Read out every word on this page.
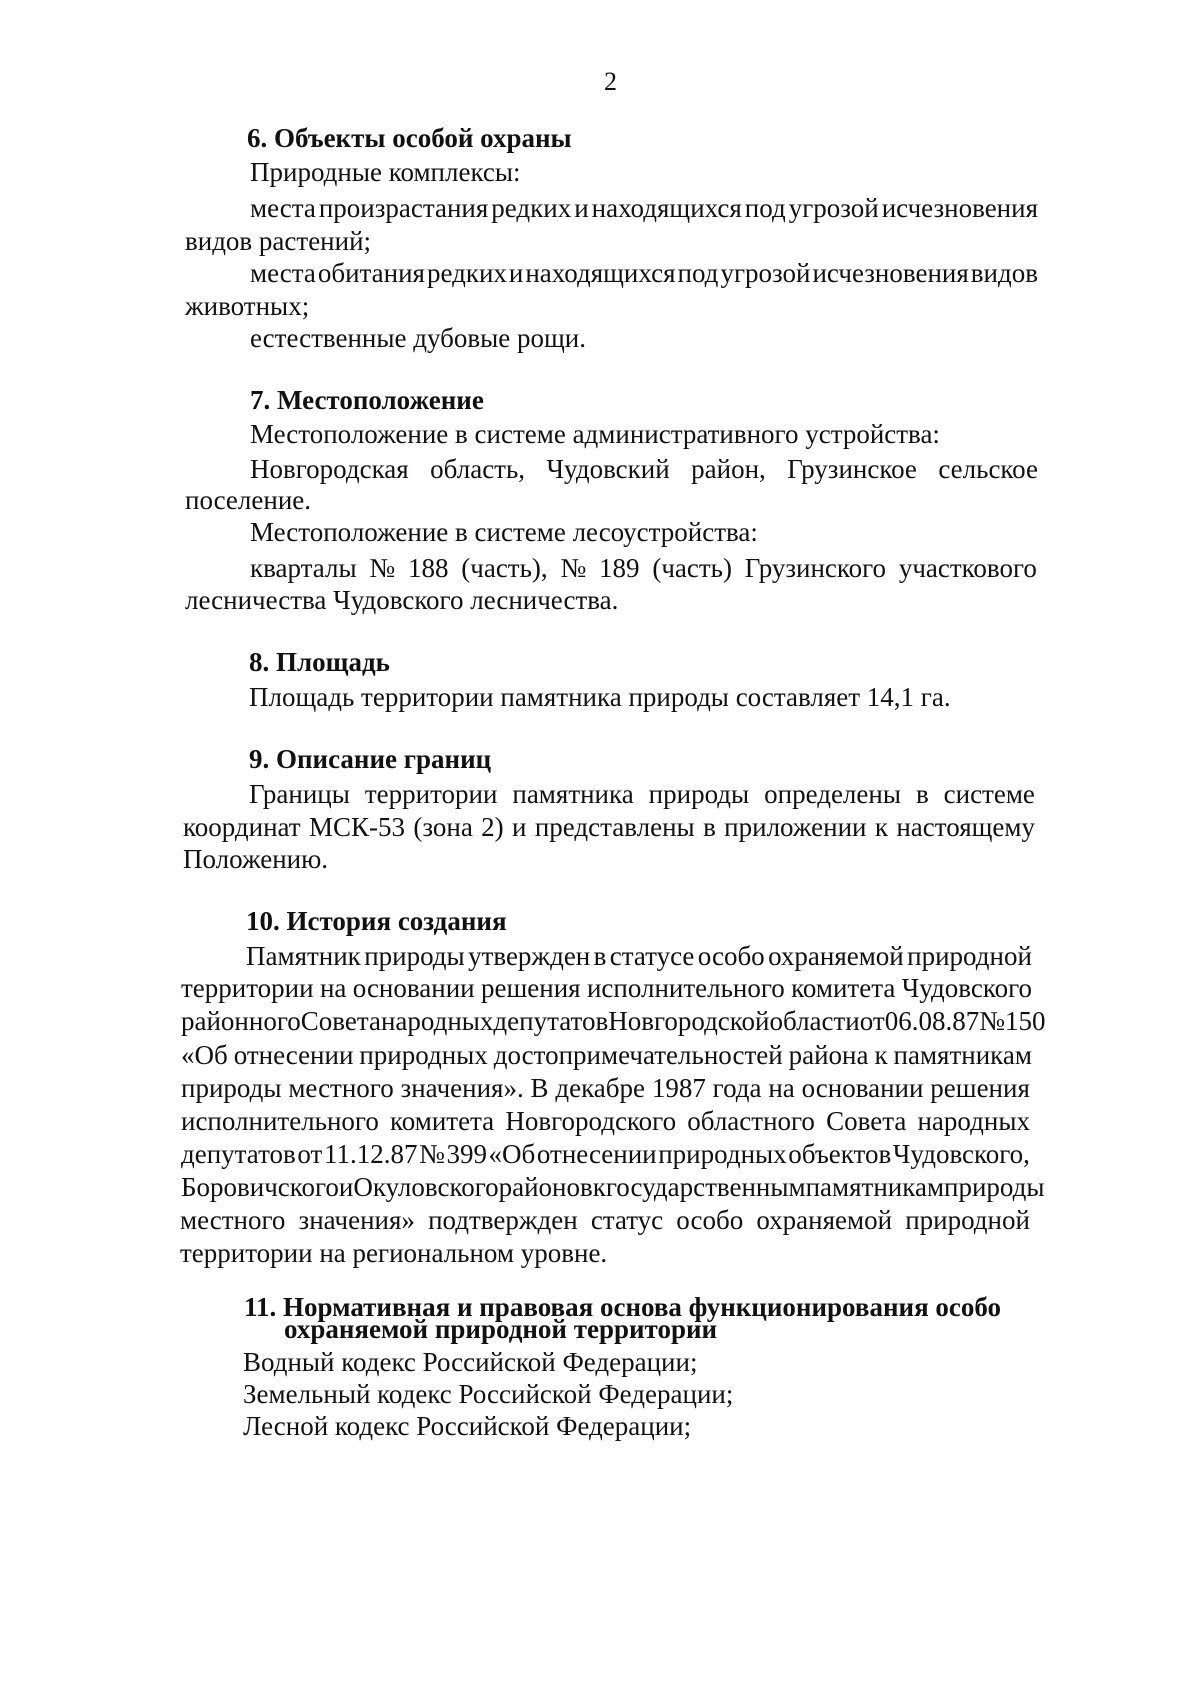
2
6. Объекты особой охраны
Природные комплексы:
места произрастания редких и находящихся под угрозой исчезновения
видов растений;
места обитания редких и находящихся под угрозой исчезновения видов
животных;
естественные дубовые рощи.
7. Местоположение
Местоположение в системе административного устройства:
Новгородская область, Чудовский район, Грузинское сельское
поселение.
Местоположение в системе лесоустройства:
кварталы № 188 (часть), № 189 (часть) Грузинского участкового
лесничества Чудовского лесничества.
8. Площадь
Площадь территории памятника природы составляет 14,1 га.
9. Описание границ
Границы территории памятника природы определены в системе
координат МСК-53 (зона 2) и представлены в приложении к настоящему
Положению.
10. История создания
Памятник природы утвержден в статусе особо охраняемой природной
территории на основании решения исполнительного комитета Чудовского
районного Совета народных депутатов Новгородской области от 06.08.87 № 150
«Об отнесении природных достопримечательностей района к памятникам
природы местного значения». В декабре 1987 года на основании решения
исполнительного комитета Новгородского областного Совета народных
депутатов от 11.12.87 № 399 «Об отнесении природных объектов Чудовского,
Боровичского и Окуловского районов к государственным памятникам природы
местного значения» подтвержден статус особо охраняемой природной
территории на региональном уровне.
11. Нормативная и правовая основа функционирования особо
охраняемой природной территории
Водный кодекс Российской Федерации;
Земельный кодекс Российской Федерации;
Лесной кодекс Российской Федерации;
